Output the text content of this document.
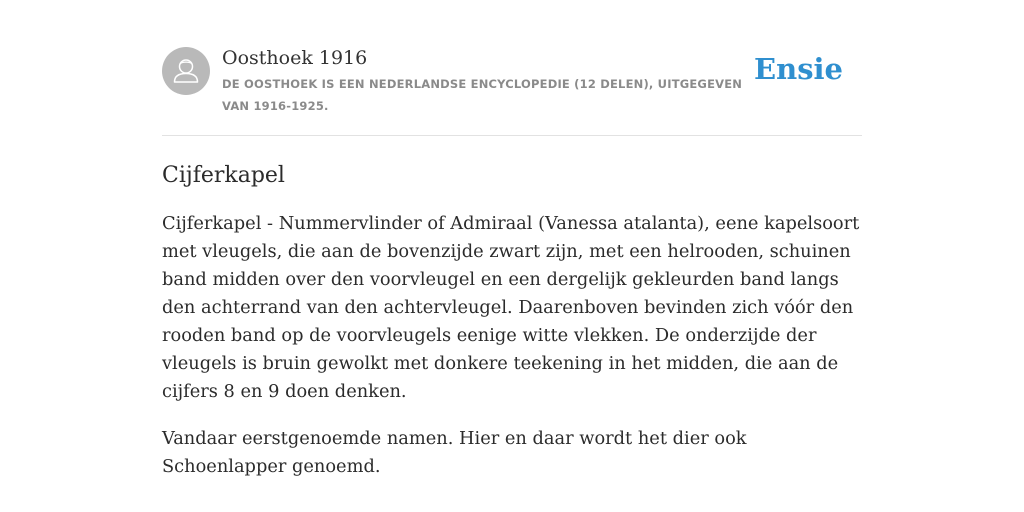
Oosthoek 1916
DE OOSTHOEK IS EEN NEDERLANDSE ENCYCLOPEDIE (12 DELEN), UITGEGEVEN VAN 1916-1925.
Ensie
Cijferkapel

Cijferkapel - Nummervlinder of Admiraal (Vanessa atalanta), eene kapelsoort met vleugels, die aan de bovenzijde zwart zijn, met een helrooden, schuinen band midden over den voorvleugel en een dergelijk gekleurden band langs den achterrand van den achtervleugel. Daarenboven bevinden zich vóór den rooden band op de voorvleugels eenige witte vlekken. De onderzijde der vleugels is bruin gewolkt met donkere teekening in het midden, die aan de cijfers 8 en 9 doen denken.

Vandaar eerstgenoemde namen. Hier en daar wordt het dier ook Schoenlapper genoemd.
